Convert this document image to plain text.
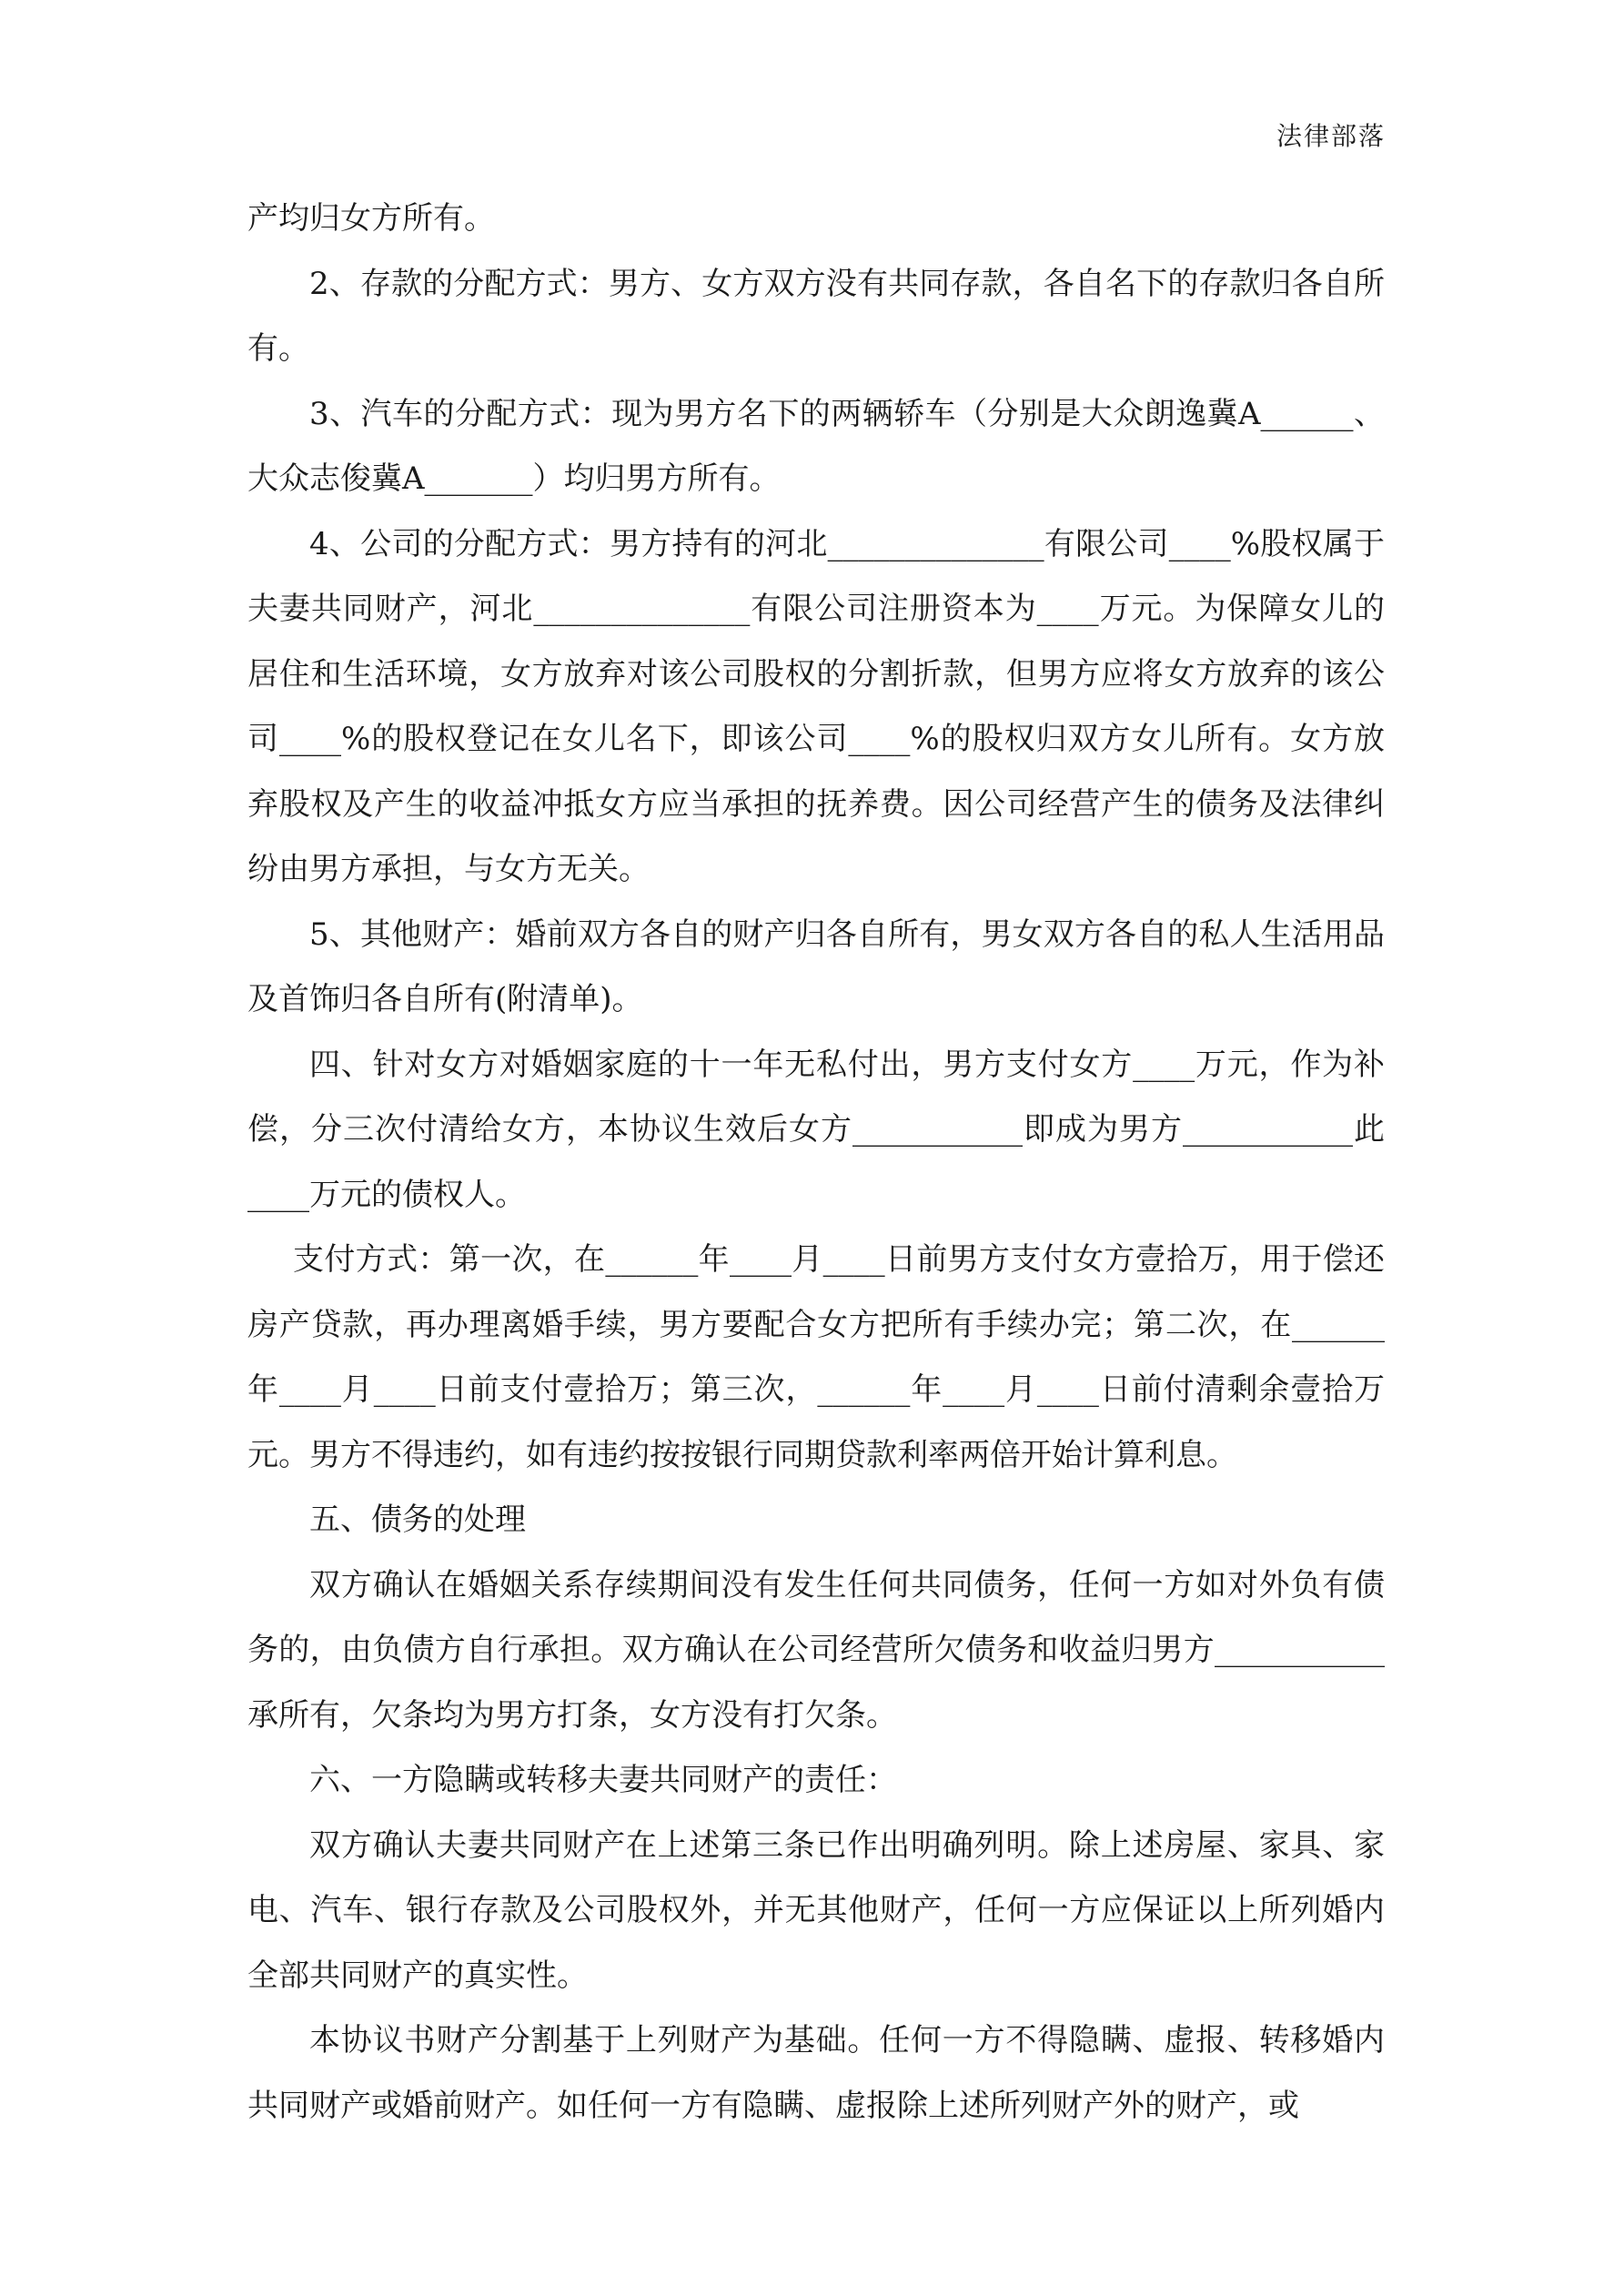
法律部落

产均归女方所有。

2、存款的分配方式：男方、女方双方没有共同存款，各自名下的存款归各自所有。

3、汽车的分配方式：现为男方名下的两辆轿车（分别是大众朗逸冀A______、大众志俊冀A_______）均归男方所有。

4、公司的分配方式：男方持有的河北______________有限公司____%股权属于夫妻共同财产，河北______________有限公司注册资本为____万元。为保障女儿的居住和生活环境，女方放弃对该公司股权的分割折款，但男方应将女方放弃的该公司____%的股权登记在女儿名下，即该公司____%的股权归双方女儿所有。女方放弃股权及产生的收益冲抵女方应当承担的抚养费。因公司经营产生的债务及法律纠纷由男方承担，与女方无关。

5、其他财产：婚前双方各自的财产归各自所有，男女双方各自的私人生活用品及首饰归各自所有(附清单)。

四、针对女方对婚姻家庭的十一年无私付出，男方支付女方____万元，作为补偿，分三次付清给女方，本协议生效后女方___________即成为男方___________此____万元的债权人。

支付方式：第一次，在______年____月____日前男方支付女方壹拾万，用于偿还房产贷款，再办理离婚手续，男方要配合女方把所有手续办完；第二次，在______年____月____日前支付壹拾万；第三次，______年____月____日前付清剩余壹拾万元。男方不得违约，如有违约按按银行同期贷款利率两倍开始计算利息。

五、债务的处理

双方确认在婚姻关系存续期间没有发生任何共同债务，任何一方如对外负有债务的，由负债方自行承担。双方确认在公司经营所欠债务和收益归男方___________承所有，欠条均为男方打条，女方没有打欠条。

六、一方隐瞒或转移夫妻共同财产的责任：

双方确认夫妻共同财产在上述第三条已作出明确列明。除上述房屋、家具、家电、汽车、银行存款及公司股权外，并无其他财产，任何一方应保证以上所列婚内全部共同财产的真实性。

本协议书财产分割基于上列财产为基础。任何一方不得隐瞒、虚报、转移婚内共同财产或婚前财产。如任何一方有隐瞒、虚报除上述所列财产外的财产，或
